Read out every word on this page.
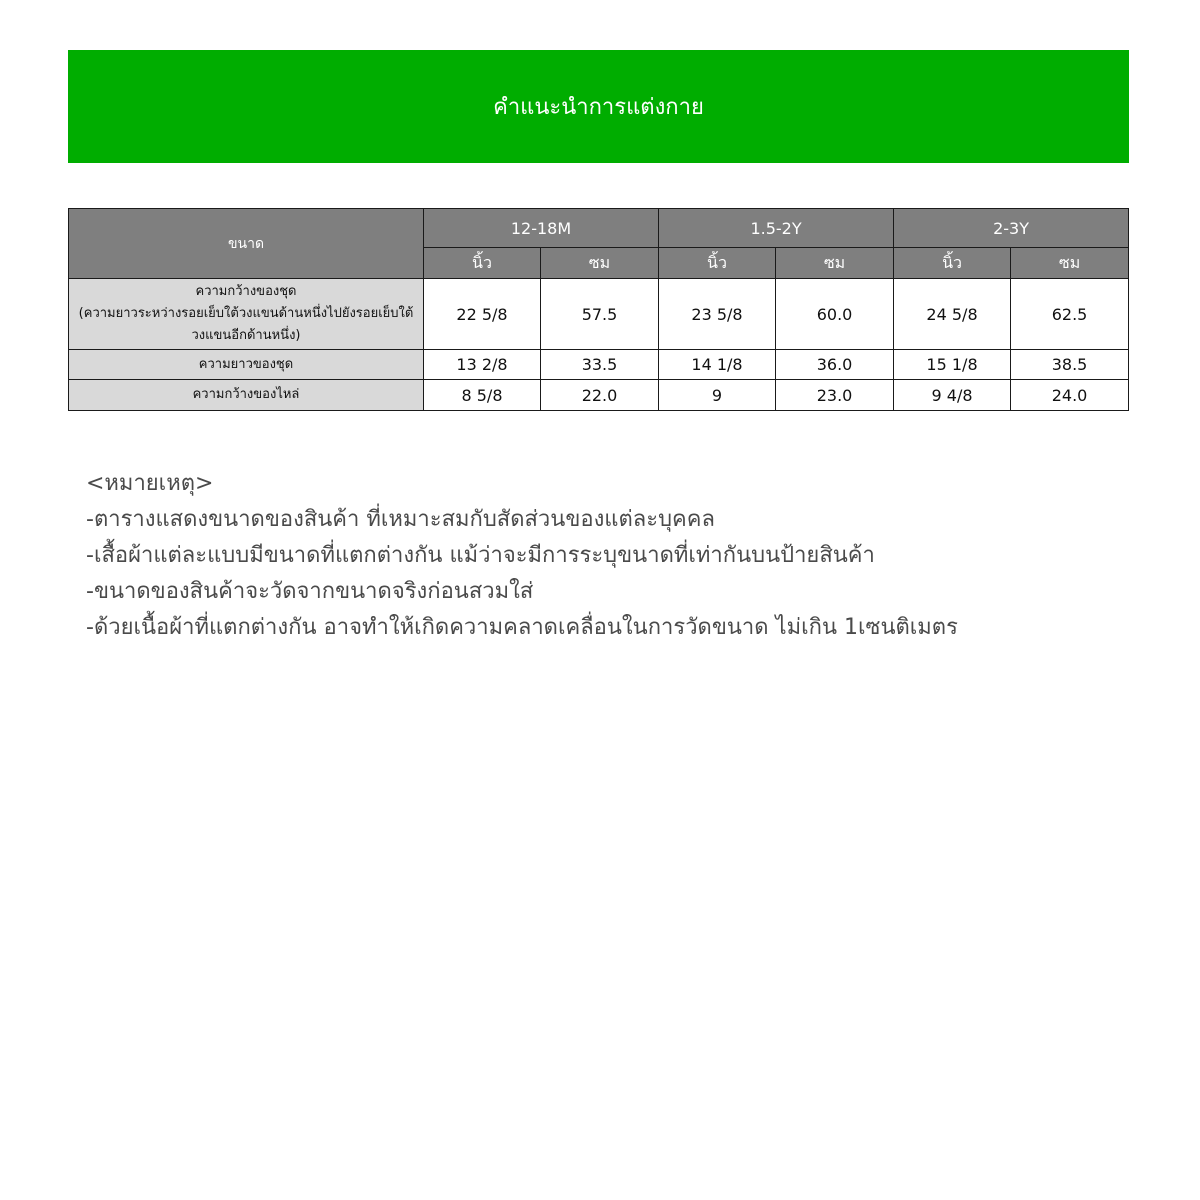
คำแนะนำการแต่งกาย
ขนาด	12-18M		1.5-2Y		2-3Y	
	นิ้ว	ซม	นิ้ว	ซม	นิ้ว	ซม

ความกว้างของชุด
(ความยาวระหว่างรอยเย็บใต้วงแขนด้านหนึ่งไปยังรอยเย็บใต้
วงแขนอีกด้านหนึ่ง)	22 5/8	57.5	23 5/8	60.0	24 5/8	62.5
ความยาวของชุด	13 2/8	33.5	14 1/8	36.0	15 1/8	38.5
ความกว้างของไหล่	8 5/8	22.0	9	23.0	9 4/8	24.0
<หมายเหตุ>
-ตารางแสดงขนาดของสินค้า ที่เหมาะสมกับสัดส่วนของแต่ละบุคคล
-เสื้อผ้าแต่ละแบบมีขนาดที่แตกต่างกัน แม้ว่าจะมีการระบุขนาดที่เท่ากันบนป้ายสินค้า
-ขนาดของสินค้าจะวัดจากขนาดจริงก่อนสวมใส่
-ด้วยเนื้อผ้าที่แตกต่างกัน อาจทำให้เกิดความคลาดเคลื่อนในการวัดขนาด ไม่เกิน 1เซนติเมตร
